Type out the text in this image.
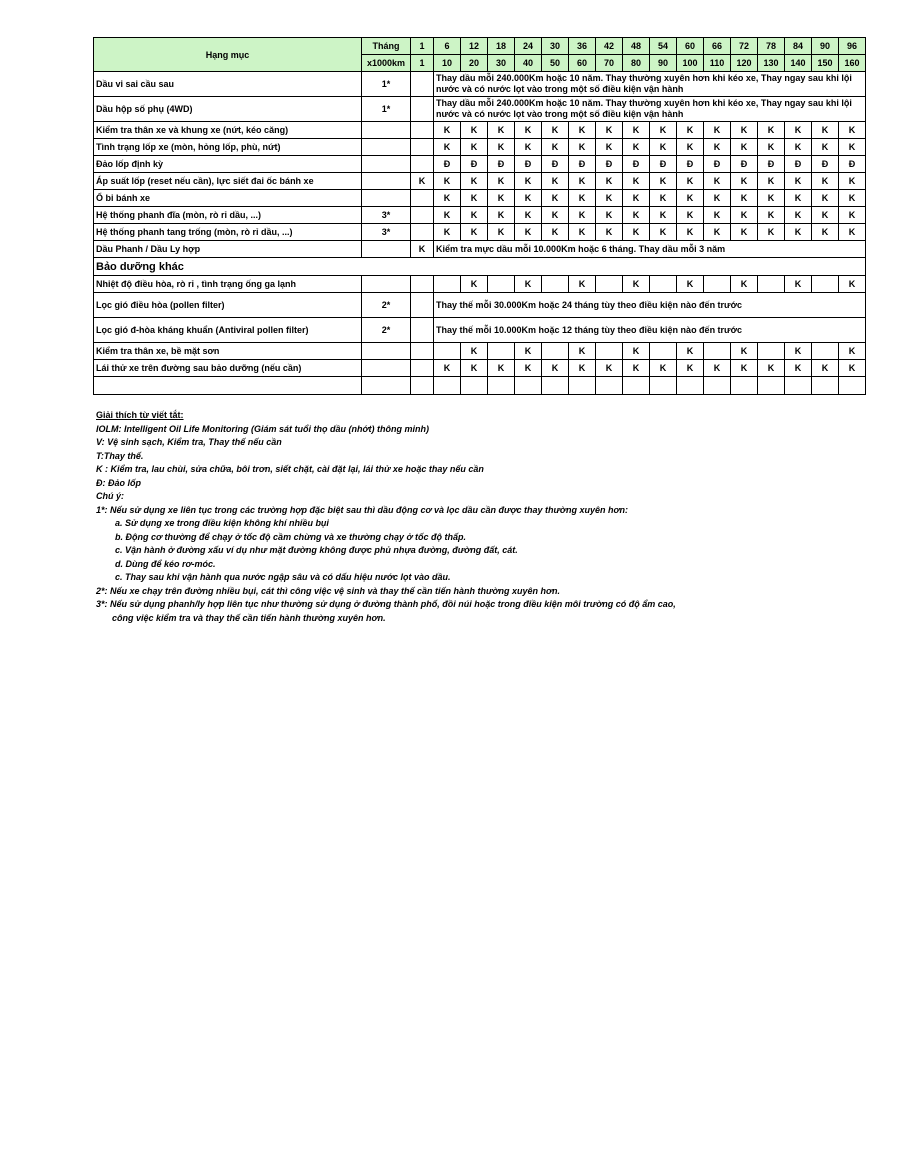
Hạng mục	Tháng	1	6	12	18	24	30	36	42	48	54	60	66	72	78	84	90	96
	x1000km	1	10	20	30	40	50	60	70	80	90	100	110	120	130	140	150	160
Dầu vi sai cầu sau	1*		Thay dầu mỗi 240.000Km hoặc 10 năm. Thay thường xuyên hơn khi kéo xe, Thay ngay sau khi lội nước và có nước lọt vào trong một số điều kiện vận hành															
Dầu hộp số phụ (4WD)	1*		Thay dầu mỗi 240.000Km hoặc 10 năm. Thay thường xuyên hơn khi kéo xe, Thay ngay sau khi lội nước và có nước lọt vào trong một số điều kiện vận hành															
Kiểm tra thân xe và khung xe (nứt, kéo căng)			K	K	K	K	K	K	K	K	K	K	K	K	K	K	K	K
Tình trạng lốp xe (mòn, hỏng lốp, phù, nứt)			K	K	K	K	K	K	K	K	K	K	K	K	K	K	K	K
Đảo lốp định kỳ			Đ	Đ	Đ	Đ	Đ	Đ	Đ	Đ	Đ	Đ	Đ	Đ	Đ	Đ	Đ	Đ
Áp suất lốp (reset nếu cần), lực siết đai ốc bánh xe		K	K	K	K	K	K	K	K	K	K	K	K	K	K	K	K	K
Ổ bi bánh xe			K	K	K	K	K	K	K	K	K	K	K	K	K	K	K	K
Hệ thống phanh đĩa (mòn, rò rỉ dầu, ...)	3*		K	K	K	K	K	K	K	K	K	K	K	K	K	K	K	K
Hệ thống phanh tang trống (mòn, rò rỉ dầu, ...)	3*		K	K	K	K	K	K	K	K	K	K	K	K	K	K	K	K
Dầu Phanh / Dầu Ly hợp		K	Kiểm tra mực dầu mỗi 10.000Km hoặc 6 tháng. Thay dầu mỗi 3 năm															
Bảo dưỡng khác																		
Nhiệt độ điều hòa, rò rỉ , tình trạng ống ga lạnh				K		K		K		K		K		K		K		K
Lọc gió điều hòa (pollen filter)	2*		Thay thế mỗi 30.000Km hoặc 24 tháng tùy theo điều kiện nào đến trước															
Lọc gió đ-hòa kháng khuẩn (Antiviral pollen filter)	2*		Thay thế mỗi 10.000Km hoặc 12 tháng tùy theo điều kiện nào đến trước															
Kiểm tra thân xe, bề mặt sơn				K		K		K		K		K		K		K		K
Lái thử xe trên đường sau bảo dưỡng (nếu cần)			K	K	K	K	K	K	K	K	K	K	K	K	K	K	K	K

Giải thích từ viết tắt:
IOLM: Intelligent Oil Life Monitoring (Giám sát tuổi thọ dầu (nhớt) thông minh)
V: Vệ sinh sạch, Kiểm tra, Thay thế nếu cần
T:Thay thế.
K : Kiểm tra, lau chùi, sửa chữa, bôi trơn, siết chặt, cài đặt lại, lái thử xe hoặc thay nếu cần
Đ: Đảo lốp
Chú ý:
1*: Nếu sử dụng xe liên tục trong các trường hợp đặc biệt sau thì dầu động cơ và lọc dầu cần được thay thường xuyên hơn:
a. Sử dụng xe trong điều kiện không khí nhiều bụi
b. Động cơ thường để chạy ở tốc độ cầm chừng và xe thường chạy ở tốc độ thấp.
c. Vận hành ở đường xấu ví dụ như mặt đường không được phủ nhựa đường, đường đất, cát.
d. Dùng để kéo rơ-móc.
c. Thay sau khi vận hành qua nước ngập sâu và có dấu hiệu nước lọt vào dầu.
2*: Nếu xe chạy trên đường nhiều bụi, cát thì công việc vệ sinh và thay thế cần tiến hành thường xuyên hơn.
3*: Nếu sử dụng phanh/ly hợp liên tục như thường sử dụng ở đường thành phố, đồi núi hoặc trong điều kiện môi trường có độ ẩm cao,
công việc kiểm tra và thay thế cần tiến hành thường xuyên hơn.
